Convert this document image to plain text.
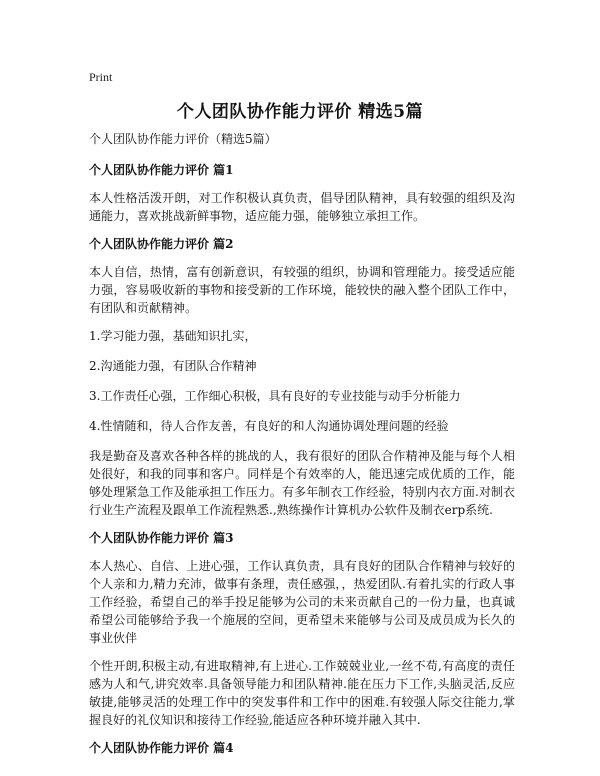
Print
个人团队协作能力评价 精选5篇
个人团队协作能力评价（精选5篇）
个人团队协作能力评价 篇1
本人性格活泼开朗，对工作积极认真负责，倡导团队精神，具有较强的组织及沟通能力，喜欢挑战新鲜事物，适应能力强，能够独立承担工作。
个人团队协作能力评价 篇2
本人自信，热情，富有创新意识，有较强的组织，协调和管理能力。接受适应能力强，容易吸收新的事物和接受新的工作环境，能较快的融入整个团队工作中，有团队和贡献精神。
1.学习能力强，基础知识扎实，
2.沟通能力强，有团队合作精神
3.工作责任心强，工作细心积极，具有良好的专业技能与动手分析能力
4.性情随和，待人合作友善，有良好的和人沟通协调处理问题的经验
我是勤奋及喜欢各种各样的挑战的人，我有很好的团队合作精神及能与每个人相处很好，和我的同事和客户。同样是个有效率的人，能迅速完成优质的工作，能够处理紧急工作及能承担工作压力。有多年制衣工作经验，特别内衣方面.对制衣行业生产流程及跟单工作流程熟悉.,熟练操作计算机办公软件及制衣erp系统.
个人团队协作能力评价 篇3
本人热心、自信、上进心强，工作认真负责，具有良好的团队合作精神与较好的个人亲和力,精力充沛，做事有条理，责任感强，，热爱团队.有着扎实的行政人事工作经验，希望自己的举手投足能够为公司的未来贡献自己的一份力量，也真诚希望公司能够给予我一个施展的空间，更希望未来能够与公司及成员成为长久的事业伙伴
个性开朗,积极主动,有进取精神,有上进心.工作兢兢业业,一丝不苟,有高度的责任感为人和气,讲究效率.具备领导能力和团队精神.能在压力下工作,头脑灵活,反应敏捷,能够灵活的处理工作中的突发事件和工作中的困难.有较强人际交往能力,掌握良好的礼仪知识和接待工作经验,能适应各种环境并融入其中.
个人团队协作能力评价 篇4
